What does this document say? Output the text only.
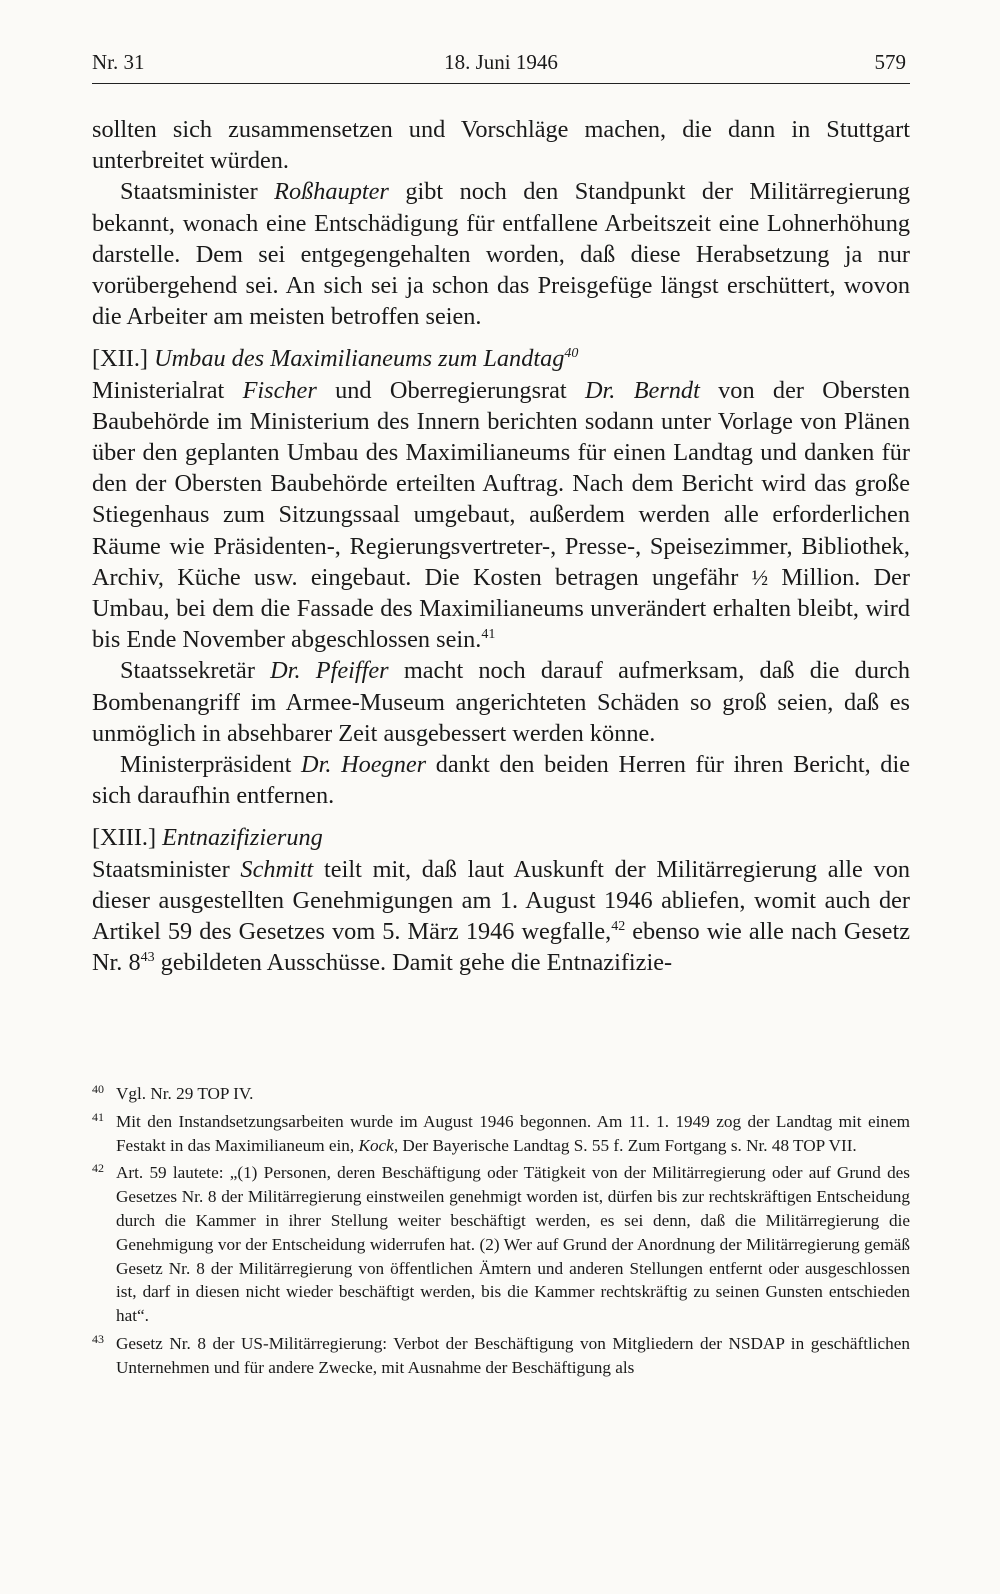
Nr. 31	18. Juni 1946	579

sollten sich zusammensetzen und Vorschläge machen, die dann in Stuttgart unterbreitet würden.

Staatsminister Roßhaupter gibt noch den Standpunkt der Militärregierung bekannt, wonach eine Entschädigung für entfallene Arbeitszeit eine Lohnerhöhung darstelle. Dem sei entgegengehalten worden, daß diese Herabsetzung ja nur vorübergehend sei. An sich sei ja schon das Preisgefüge längst erschüttert, wovon die Arbeiter am meisten betroffen seien.

[XII.] Umbau des Maximilianeums zum Landtag$^{40}$

Ministerialrat Fischer und Oberregierungsrat Dr. Berndt von der Obersten Baubehörde im Ministerium des Innern berichten sodann unter Vorlage von Plänen über den geplanten Umbau des Maximilianeums für einen Landtag und danken für den der Obersten Baubehörde erteilten Auftrag. Nach dem Bericht wird das große Stiegenhaus zum Sitzungssaal umgebaut, außerdem werden alle erforderlichen Räume wie Präsidenten-, Regierungsvertreter-, Presse-, Speisezimmer, Bibliothek, Archiv, Küche usw. eingebaut. Die Kosten betragen ungefähr ½ Million. Der Umbau, bei dem die Fassade des Maximilianeums unverändert erhalten bleibt, wird bis Ende November abgeschlossen sein.$^{41}$

Staatssekretär Dr. Pfeiffer macht noch darauf aufmerksam, daß die durch Bombenangriff im Armee-Museum angerichteten Schäden so groß seien, daß es unmöglich in absehbarer Zeit ausgebessert werden könne.

Ministerpräsident Dr. Hoegner dankt den beiden Herren für ihren Bericht, die sich daraufhin entfernen.

[XIII.] Entnazifizierung

Staatsminister Schmitt teilt mit, daß laut Auskunft der Militärregierung alle von dieser ausgestellten Genehmigungen am 1. August 1946 abliefen, womit auch der Artikel 59 des Gesetzes vom 5. März 1946 wegfalle,$^{42}$ ebenso wie alle nach Gesetz Nr. $8^{43}$ gebildeten Ausschüsse. Damit gehe die Entnazifizie-

40 Vgl. Nr. 29 TOP IV.

41 Mit den Instandsetzungsarbeiten wurde im August 1946 begonnen. Am 11. 1. 1949 zog der Landtag mit einem Festakt in das Maximilianeum ein, Kock, Der Bayerische Landtag S. 55 f. Zum Fortgang s. Nr. 48 TOP VII.

42 Art. 59 lautete: „(1) Personen, deren Beschäftigung oder Tätigkeit von der Militärregierung oder auf Grund des Gesetzes Nr. 8 der Militärregierung einstweilen genehmigt worden ist, dürfen bis zur rechtskräftigen Entscheidung durch die Kammer in ihrer Stellung weiter beschäftigt werden, es sei denn, daß die Militärregierung die Genehmigung vor der Entscheidung widerrufen hat. (2) Wer auf Grund der Anordnung der Militärregierung gemäß Gesetz Nr. 8 der Militärregierung von öffentlichen Ämtern und anderen Stellungen entfernt oder ausgeschlossen ist, darf in diesen nicht wieder beschäftigt werden, bis die Kammer rechtskräftig zu seinen Gunsten entschieden hat“.

43 Gesetz Nr. 8 der US-Militärregierung: Verbot der Beschäftigung von Mitgliedern der NSDAP in geschäftlichen Unternehmen und für andere Zwecke, mit Ausnahme der Beschäftigung als
